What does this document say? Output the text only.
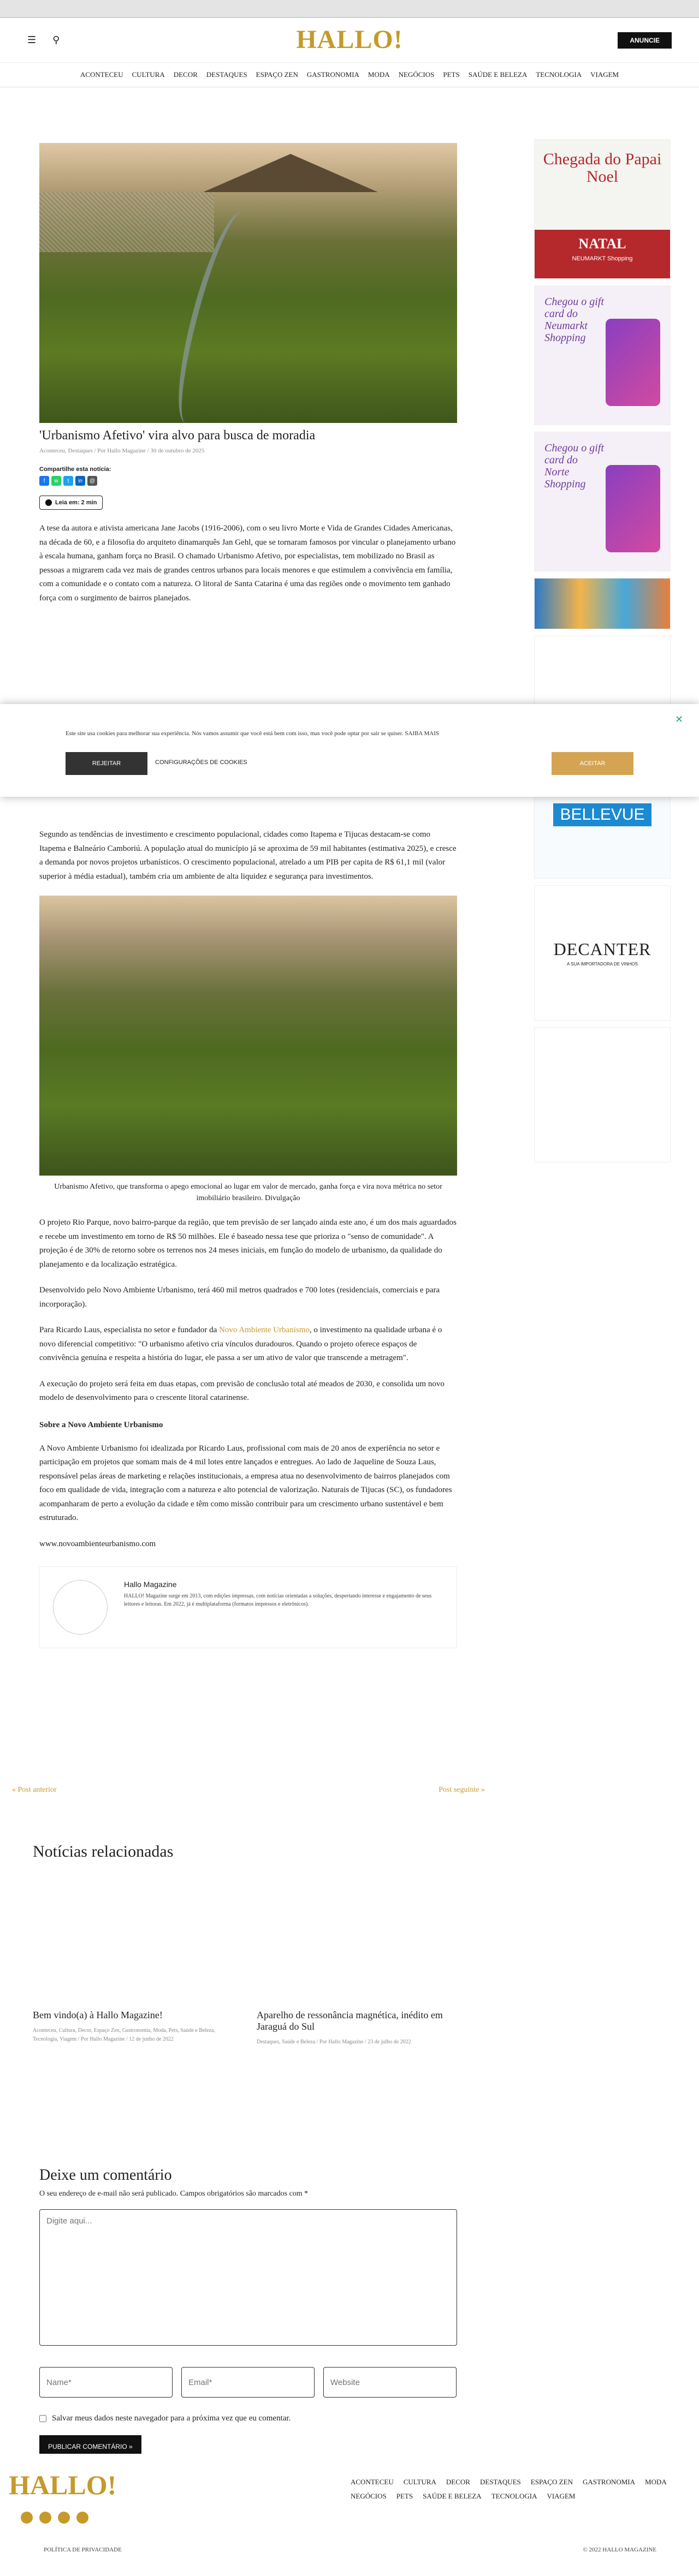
☰ ⚲	HALLO!	ANUNCIE
ACONTECEU CULTURA DECOR DESTAQUES ESPAÇO ZEN GASTRONOMIA MODA NEGÓCIOS PETS SAÚDE E BELEZA TECNOLOGIA VIAGEM
'Urbanismo Afetivo' vira alvo para busca de moradia
Aconteceu, Destaques / Por Hallo Magazine / 30 de outubro de 2025
Compartilhe esta notícia:
f	w	t	in	@
Leia em: 2 min

A tese da autora e ativista americana Jane Jacobs (1916-2006), com o seu livro Morte e Vida de Grandes Cidades Americanas, na década de 60, e a filosofia do arquiteto dinamarquês Jan Gehl, que se tornaram famosos por vincular o planejamento urbano à escala humana, ganham força no Brasil. O chamado Urbanismo Afetivo, por especialistas, tem mobilizado no Brasil as pessoas a migrarem cada vez mais de grandes centros urbanos para locais menores e que estimulem a convivência em família, com a comunidade e o contato com a natureza. O litoral de Santa Catarina é uma das regiões onde o movimento tem ganhado força com o surgimento de bairros planejados.

Segundo as tendências de investimento e crescimento populacional, cidades como Itapema e Tijucas destacam-se como Itapema e Balneário Camboriú. A população atual do município já se aproxima de 59 mil habitantes (estimativa 2025), e cresce a demanda por novos projetos urbanísticos. O crescimento populacional, atrelado a um PIB per capita de R$ 61,1 mil (valor superior à média estadual), também cria um ambiente de alta liquidez e segurança para investimentos.

Urbanismo Afetivo, que transforma o apego emocional ao lugar em valor de mercado, ganha força e vira nova métrica no setor imobiliário brasileiro. Divulgação

O projeto Rio Parque, novo bairro-parque da região, que tem previsão de ser lançado ainda este ano, é um dos mais aguardados e recebe um investimento em torno de R$ 50 milhões. Ele é baseado nessa tese que prioriza o "senso de comunidade". A projeção é de 30% de retorno sobre os terrenos nos 24 meses iniciais, em função do modelo de urbanismo, da qualidade do planejamento e da localização estratégica.

Desenvolvido pelo Novo Ambiente Urbanismo, terá 460 mil metros quadrados e 700 lotes (residenciais, comerciais e para incorporação).

Para Ricardo Laus, especialista no setor e fundador da Novo Ambiente Urbanismo, o investimento na qualidade urbana é o novo diferencial competitivo: "O urbanismo afetivo cria vínculos duradouros. Quando o projeto oferece espaços de convivência genuína e respeita a história do lugar, ele passa a ser um ativo de valor que transcende a metragem".

A execução do projeto será feita em duas etapas, com previsão de conclusão total até meados de 2030, e consolida um novo modelo de desenvolvimento para o crescente litoral catarinense.

Sobre a Novo Ambiente Urbanismo

A Novo Ambiente Urbanismo foi idealizada por Ricardo Laus, profissional com mais de 20 anos de experiência no setor e participação em projetos que somam mais de 4 mil lotes entre lançados e entregues. Ao lado de Jaqueline de Souza Laus, responsável pelas áreas de marketing e relações institucionais, a empresa atua no desenvolvimento de bairros planejados com foco em qualidade de vida, integração com a natureza e alto potencial de valorização. Naturais de Tijucas (SC), os fundadores acompanharam de perto a evolução da cidade e têm como missão contribuir para um crescimento urbano sustentável e bem estruturado.

www.novoambienteurbanismo.com

Hallo Magazine
HALLO! Magazine surge em 2013, com edições impressas, com notícias orientadas a soluções, despertando interesse e engajamento de seus leitores e leitoras. Em 2022, já é multiplataforma (formatos impressos e eletrônicos).
Chegada do Papai Noel
NATAL
NEUMARKT Shopping
Chegou o gift card do Neumarkt Shopping
Chegou o gift card do Norte Shopping
BELLEVUE
DECANTER
A SUA IMPORTADORA DE VINHOS
« Post anterior	Post seguinte »
Notícias relacionadas
Bem vindo(a) à Hallo Magazine!
Aconteceu, Cultura, Decor, Espaço Zen, Gastronomia, Moda, Pets, Saúde e Beleza, Tecnologia, Viagem / Por Hallo Magazine / 12 de junho de 2022
Aparelho de ressonância magnética, inédito em Jaraguá do Sul
Destaques, Saúde e Beleza / Por Hallo Magazine / 23 de julho de 2022
Deixe um comentário
O seu endereço de e-mail não será publicado. Campos obrigatórios são marcados com *
Digite aqui...
Name*
Email*
Website
Salvar meus dados neste navegador para a próxima vez que eu comentar.
PUBLICAR COMENTÁRIO »
✕
Este site usa cookies para melhorar sua experiência. Nós vamos assumir que você está bem com isso, mas você pode optar por sair se quiser. SAIBA MAIS
REJEITAR	CONFIGURAÇÕES DE COOKIES	ACEITAR
HALLO!	ACONTECEU CULTURA DECOR DESTAQUES ESPAÇO ZEN GASTRONOMIA MODA
NEGÓCIOS PETS SAÚDE E BELEZA TECNOLOGIA VIAGEM
POLÍTICA DE PRIVACIDADE	© 2022 HALLO MAGAZINE
